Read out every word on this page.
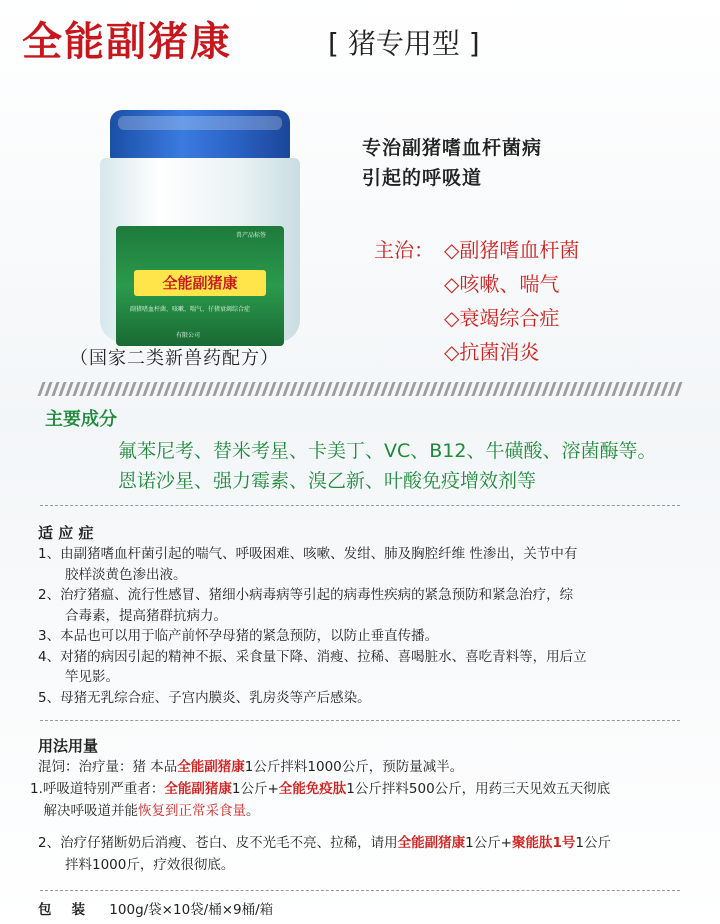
全能副猪康	[ 猪专用型 ]
兽产品标签
全能副猪康
副猪嗜血杆菌、咳嗽、喘气、仔猪衰竭综合症
有限公司
（国家二类新兽药配方）
专治副猪嗜血杆菌病
引起的呼吸道
主治： ◇副猪嗜血杆菌
◇咳嗽、喘气
◇衰竭综合症
◇抗菌消炎
主要成分
氟苯尼考、替米考星、卡美丁、VC、B12、牛磺酸、溶菌酶等。
恩诺沙星、强力霉素、溴乙新、叶酸免疫增效剂等
适 应 症
1、由副猪嗜血杆菌引起的喘气、呼吸困难、咳嗽、发绀、肺及胸腔纤维 性渗出，关节中有
　　胶样淡黄色渗出液。
2、治疗猪瘟、流行性感冒、猪细小病毒病等引起的病毒性疾病的紧急预防和紧急治疗，综
　　合毒素，提高猪群抗病力。
3、本品也可以用于临产前怀孕母猪的紧急预防，以防止垂直传播。
4、对猪的病因引起的精神不振、采食量下降、消瘦、拉稀、喜喝脏水、喜吃青料等，用后立
　　竿见影。
5、母猪无乳综合症、子宫内膜炎、乳房炎等产后感染。
用法用量
混饲：治疗量：猪 本品全能副猪康1公斤拌料1000公斤，预防量减半。
1.呼吸道特别严重者：全能副猪康1公斤+全能免疫肽1公斤拌料500公斤，用药三天见效五天彻底
　解决呼吸道并能恢复到正常采食量。
2、治疗仔猪断奶后消瘦、苍白、皮不光毛不亮、拉稀，请用全能副猪康1公斤+聚能肽1号1公斤
　　拌料1000斤，疗效很彻底。
包装 100g/袋×10袋/桶×9桶/箱
